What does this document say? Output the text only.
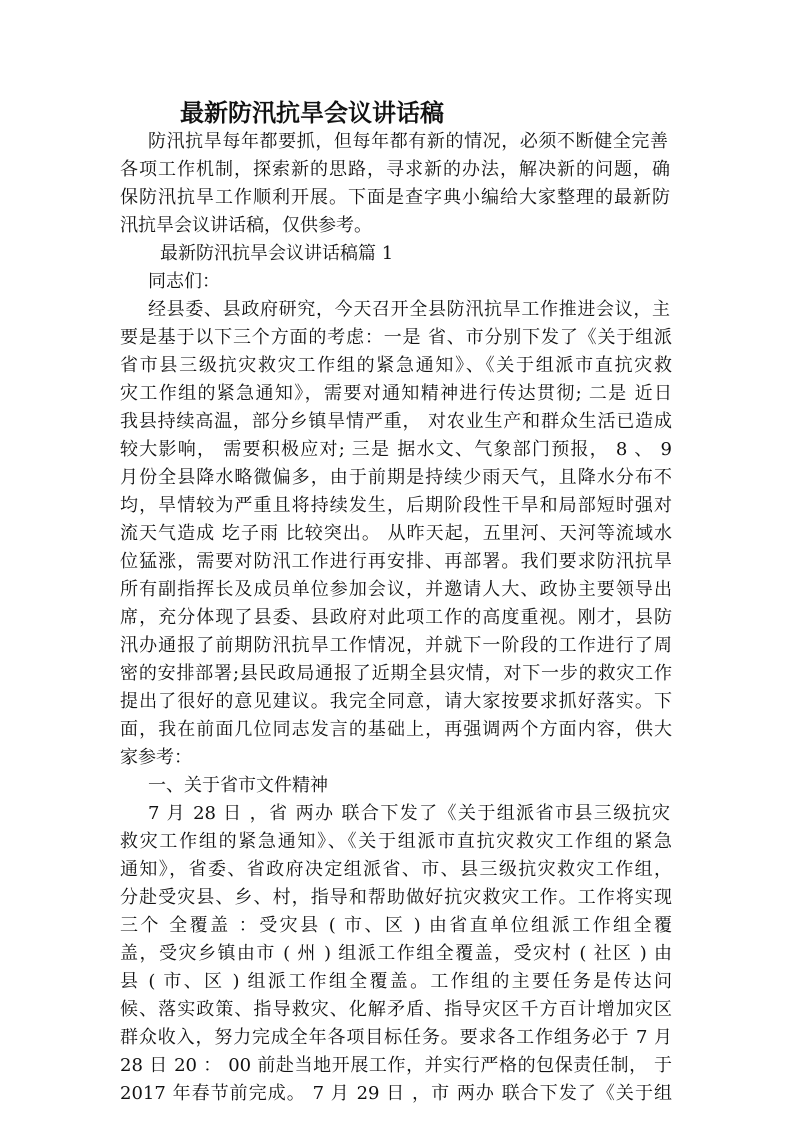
最新防汛抗旱会议讲话稿
防汛抗旱每年都要抓，但每年都有新的情况，必须不断健全完善
各项工作机制，探索新的思路，寻求新的办法，解决新的问题，确
保防汛抗旱工作顺利开展。下面是查字典小编给大家整理的最新防
汛抗旱会议讲话稿，仅供参考。
最新防汛抗旱会议讲话稿篇 1
同志们：
经县委、县政府研究，今天召开全县防汛抗旱工作推进会议，主
要是基于以下三个方面的考虑：一是 省、市分别下发了《关于组派
省市县三级抗灾救灾工作组的紧急通知》、《关于组派市直抗灾救
灾工作组的紧急通知》，需要对通知精神进行传达贯彻; 二是 近日
我县持续高温，部分乡镇旱情严重， 对农业生产和群众生活已造成
较大影响， 需要积极应对; 三是 据水文、气象部门预报， 8 、 9
月份全县降水略微偏多，由于前期是持续少雨天气，且降水分布不
均，旱情较为严重且将持续发生，后期阶段性干旱和局部短时强对
流天气造成 圪子雨 比较突出。 从昨天起，五里河、天河等流域水
位猛涨，需要对防汛工作进行再安排、再部署。我们要求防汛抗旱
所有副指挥长及成员单位参加会议，并邀请人大、政协主要领导出
席，充分体现了县委、县政府对此项工作的高度重视。刚才，县防
汛办通报了前期防汛抗旱工作情况，并就下一阶段的工作进行了周
密的安排部署;县民政局通报了近期全县灾情，对下一步的救灾工作
提出了很好的意见建议。我完全同意，请大家按要求抓好落实。下
面，我在前面几位同志发言的基础上，再强调两个方面内容，供大
家参考：
一、关于省市文件精神
7 月 28 日 ，省 两办 联合下发了《关于组派省市县三级抗灾
救灾工作组的紧急通知》、《关于组派市直抗灾救灾工作组的紧急
通知》，省委、省政府决定组派省、市、县三级抗灾救灾工作组，
分赴受灾县、乡、村，指导和帮助做好抗灾救灾工作。工作将实现
三个 全覆盖 ：受灾县 ( 市、区 ) 由省直单位组派工作组全覆
盖，受灾乡镇由市 ( 州 ) 组派工作组全覆盖，受灾村 ( 社区 ) 由
县 ( 市、区 ) 组派工作组全覆盖。工作组的主要任务是传达问
候、落实政策、指导救灾、化解矛盾、指导灾区千方百计增加灾区
群众收入，努力完成全年各项目标任务。要求各工作组务必于 7 月
28 日 20 ： 00 前赴当地开展工作，并实行严格的包保责任制， 于
2017 年春节前完成。 7 月 29 日 ，市 两办 联合下发了《关于组
